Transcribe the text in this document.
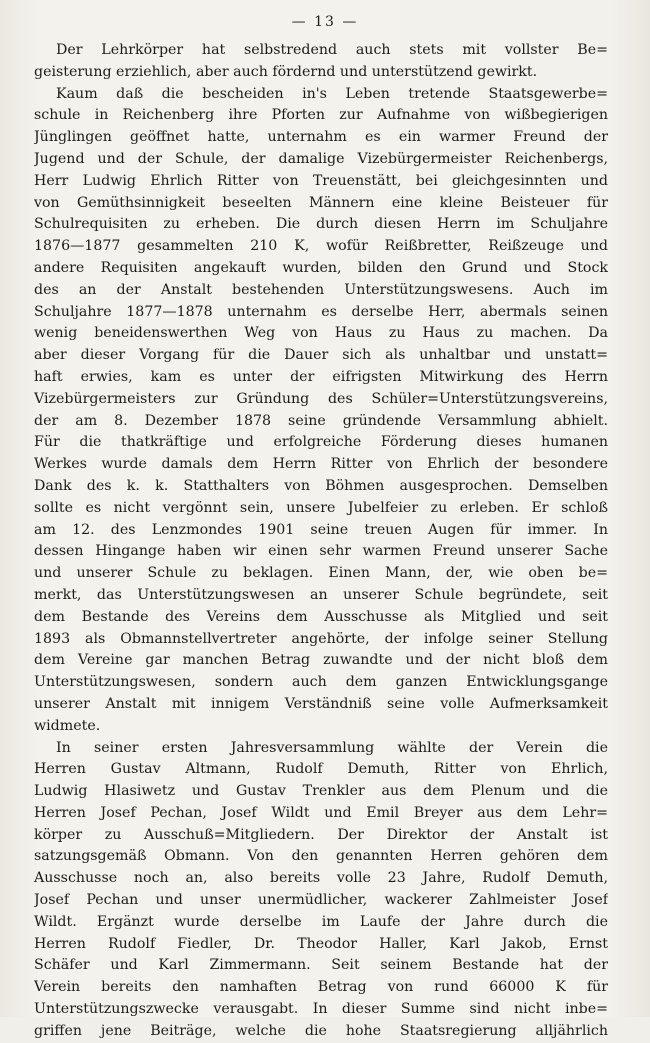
— 13 —
Der Lehrkörper hat selbstredend auch stets mit vollster Be=
geisterung erziehlich, aber auch fördernd und unterstützend gewirkt.
Kaum daß die bescheiden in's Leben tretende Staatsgewerbe=
schule in Reichenberg ihre Pforten zur Aufnahme von wißbegierigen
Jünglingen geöffnet hatte, unternahm es ein warmer Freund der
Jugend und der Schule, der damalige Vizebürgermeister Reichenbergs,
Herr Ludwig Ehrlich Ritter von Treuenstätt, bei gleichgesinnten und
von Gemüthsinnigkeit beseelten Männern eine kleine Beisteuer für
Schulrequisiten zu erheben. Die durch diesen Herrn im Schuljahre
1876—1877 gesammelten 210 K, wofür Reißbretter, Reißzeuge und
andere Requisiten angekauft wurden, bilden den Grund und Stock
des an der Anstalt bestehenden Unterstützungswesens. Auch im
Schuljahre 1877—1878 unternahm es derselbe Herr, abermals seinen
wenig beneidenswerthen Weg von Haus zu Haus zu machen. Da
aber dieser Vorgang für die Dauer sich als unhaltbar und unstatt=
haft erwies, kam es unter der eifrigsten Mitwirkung des Herrn
Vizebürgermeisters zur Gründung des Schüler=Unterstützungsvereins,
der am 8. Dezember 1878 seine gründende Versammlung abhielt.
Für die thatkräftige und erfolgreiche Förderung dieses humanen
Werkes wurde damals dem Herrn Ritter von Ehrlich der besondere
Dank des k. k. Statthalters von Böhmen ausgesprochen. Demselben
sollte es nicht vergönnt sein, unsere Jubelfeier zu erleben. Er schloß
am 12. des Lenzmondes 1901 seine treuen Augen für immer. In
dessen Hingange haben wir einen sehr warmen Freund unserer Sache
und unserer Schule zu beklagen. Einen Mann, der, wie oben be=
merkt, das Unterstützungswesen an unserer Schule begründete, seit
dem Bestande des Vereins dem Ausschusse als Mitglied und seit
1893 als Obmannstellvertreter angehörte, der infolge seiner Stellung
dem Vereine gar manchen Betrag zuwandte und der nicht bloß dem
Unterstützungswesen, sondern auch dem ganzen Entwicklungsgange
unserer Anstalt mit innigem Verständniß seine volle Aufmerksamkeit
widmete.
In seiner ersten Jahresversammlung wählte der Verein die
Herren Gustav Altmann, Rudolf Demuth, Ritter von Ehrlich,
Ludwig Hlasiwetz und Gustav Trenkler aus dem Plenum und die
Herren Josef Pechan, Josef Wildt und Emil Breyer aus dem Lehr=
körper zu Ausschuß=Mitgliedern. Der Direktor der Anstalt ist
satzungsgemäß Obmann. Von den genannten Herren gehören dem
Ausschusse noch an, also bereits volle 23 Jahre, Rudolf Demuth,
Josef Pechan und unser unermüdlicher, wackerer Zahlmeister Josef
Wildt. Ergänzt wurde derselbe im Laufe der Jahre durch die
Herren Rudolf Fiedler, Dr. Theodor Haller, Karl Jakob, Ernst
Schäfer und Karl Zimmermann. Seit seinem Bestande hat der
Verein bereits den namhaften Betrag von rund 66000 K für
Unterstützungszwecke verausgabt. In dieser Summe sind nicht inbe=
griffen jene Beiträge, welche die hohe Staatsregierung alljährlich
